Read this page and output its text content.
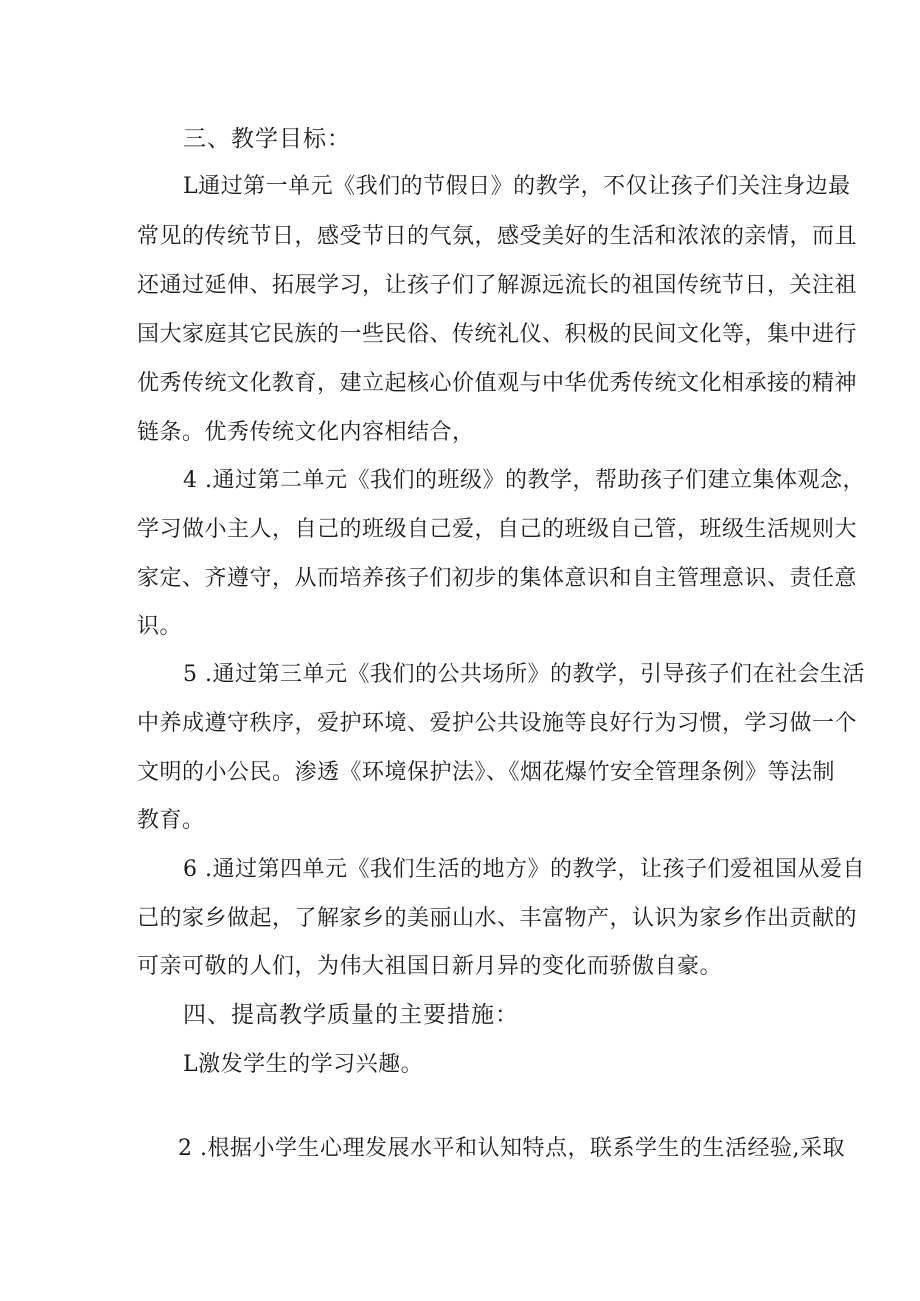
三、教学目标：
L通过第一单元《我们的节假日》的教学，不仅让孩子们关注身边最
常见的传统节日，感受节日的气氛，感受美好的生活和浓浓的亲情，而且
还通过延伸、拓展学习，让孩子们了解源远流长的祖国传统节日，关注祖
国大家庭其它民族的一些民俗、传统礼仪、积极的民间文化等，集中进行
优秀传统文化教育，建立起核心价值观与中华优秀传统文化相承接的精神
链条。优秀传统文化内容相结合，
4 .通过第二单元《我们的班级》的教学，帮助孩子们建立集体观念，
学习做小主人，自己的班级自己爱，自己的班级自己管，班级生活规则大
家定、齐遵守，从而培养孩子们初步的集体意识和自主管理意识、责任意
识。
5 .通过第三单元《我们的公共场所》的教学，引导孩子们在社会生活
中养成遵守秩序，爱护环境、爱护公共设施等良好行为习惯，学习做一个
文明的小公民。渗透《环境保护法》、《烟花爆竹安全管理条例》等法制
教育。
6 .通过第四单元《我们生活的地方》的教学，让孩子们爱祖国从爱自
己的家乡做起，了解家乡的美丽山水、丰富物产，认识为家乡作出贡献的
可亲可敬的人们，为伟大祖国日新月异的变化而骄傲自豪。
四、提高教学质量的主要措施：
L激发学生的学习兴趣。
2 .根据小学生心理发展水平和认知特点，联系学生的生活经验,采取
